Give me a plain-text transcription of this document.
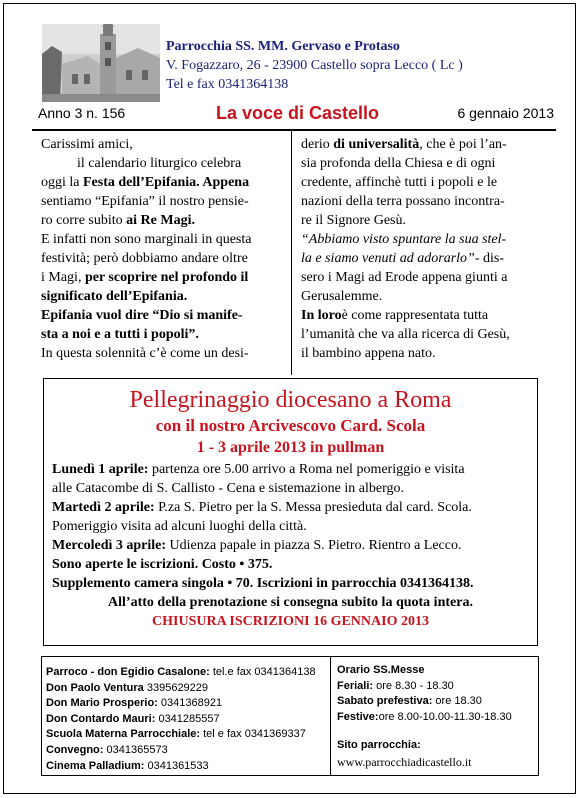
Parrocchia SS. MM. Gervaso e Protaso
V. Fogazzaro, 26 - 23900 Castello sopra Lecco ( Lc )
Tel e fax 0341364138
Anno 3 n. 156	La voce di Castello	6 gennaio 2013
Carissimi amici,
il calendario liturgico celebra
oggi la
Festa dell’Epifania . Appena
sentiamo “Epifania” il nostro pensie-
ro corre subito
ai Re Magi .
E infatti non sono marginali in questa
festività; però dobbiamo andare oltre
i Magi,
per scoprire nel profondo il
significato dell’Epifania.
Epifania vuol dire “Dio si manife-
sta a noi e a tutti i popoli”.
In questa solennità c’è come un desi-
derio
di universalità , che è poi l’an-
sia profonda della Chiesa e di ogni
credente, affinchè tutti i popoli e le
nazioni della terra possano incontra-
re il Signore Gesù.
“Abbiamo visto spuntare la sua stel-
la e siamo venuti ad adorarlo” - dis-
sero i Magi ad Erode appena giunti a
Gerusalemme.
In loro è come rappresentata tutta
l’umanità che va alla ricerca di Gesù,
il bambino appena nato.
Pellegrinaggio diocesano a Roma
con il nostro Arcivescovo Card. Scola
1 - 3 aprile 2013 in pullman
Lunedì 1 aprile: partenza ore 5.00 arrivo a Roma nel pomeriggio e visita
alle Catacombe di S. Callisto - Cena e sistemazione in albergo.
Martedì 2 aprile: P.za S. Pietro per la S. Messa presieduta dal card. Scola.
Pomeriggio visita ad alcuni luoghi della città.
Mercoledì 3 aprile: Udienza papale in piazza S. Pietro. Rientro a Lecco.
Sono aperte le iscrizioni. Costo • 375.
Supplemento camera singola • 70. Iscrizioni in parrocchia 0341364138.
All’atto della prenotazione si consegna subito la quota intera.
CHIUSURA ISCRIZIONI 16 GENNAIO 2013
Parroco - don Egidio Casalone: tel.e fax 0341364138
Don Paolo Ventura 3395629229
Don Mario Prosperio: 0341368921
Don Contardo Mauri: 0341285557
Scuola Materna Parrocchiale: tel e fax 0341369337
Convegno: 0341365573
Cinema Palladium: 0341361533
Orario SS.Messe
Feriali: ore 8.30 - 18.30
Sabato prefestiva: ore 18.30
Festive:ore 8.00-10.00-11.30-18.30
Sito parrocchia:
www.parrocchiadicastello.it
